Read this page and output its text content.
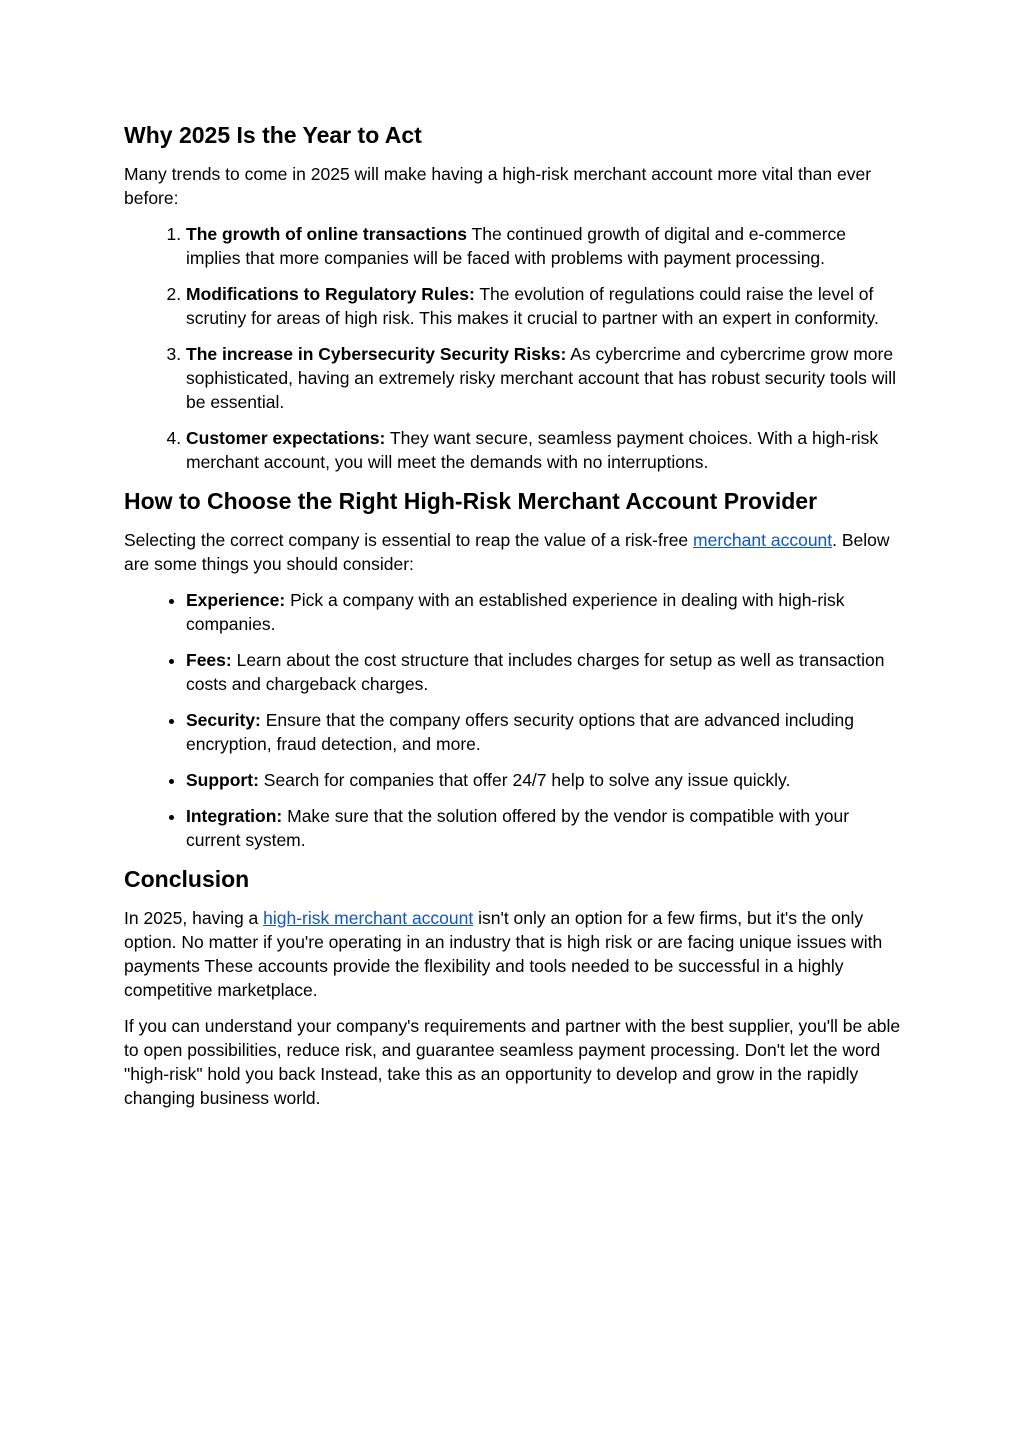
Why 2025 Is the Year to Act

Many trends to come in 2025 will make having a high-risk merchant account more vital than ever before:

1. The growth of online transactions The continued growth of digital and e-commerce implies that more companies will be faced with problems with payment processing.
2. Modifications to Regulatory Rules: The evolution of regulations could raise the level of scrutiny for areas of high risk. This makes it crucial to partner with an expert in conformity.
3. The increase in Cybersecurity Security Risks: As cybercrime and cybercrime grow more sophisticated, having an extremely risky merchant account that has robust security tools will be essential.
4. Customer expectations: They want secure, seamless payment choices. With a high-risk merchant account, you will meet the demands with no interruptions.
How to Choose the Right High-Risk Merchant Account Provider

Selecting the correct company is essential to reap the value of a risk-free merchant account. Below are some things you should consider:

• Experience: Pick a company with an established experience in dealing with high-risk companies.
• Fees: Learn about the cost structure that includes charges for setup as well as transaction costs and chargeback charges.
• Security: Ensure that the company offers security options that are advanced including encryption, fraud detection, and more.
• Support: Search for companies that offer 24/7 help to solve any issue quickly.
• Integration: Make sure that the solution offered by the vendor is compatible with your current system.
Conclusion

In 2025, having a high-risk merchant account isn't only an option for a few firms, but it's the only option. No matter if you're operating in an industry that is high risk or are facing unique issues with payments These accounts provide the flexibility and tools needed to be successful in a highly competitive marketplace.

If you can understand your company's requirements and partner with the best supplier, you'll be able to open possibilities, reduce risk, and guarantee seamless payment processing. Don't let the word "high-risk" hold you back Instead, take this as an opportunity to develop and grow in the rapidly changing business world.
